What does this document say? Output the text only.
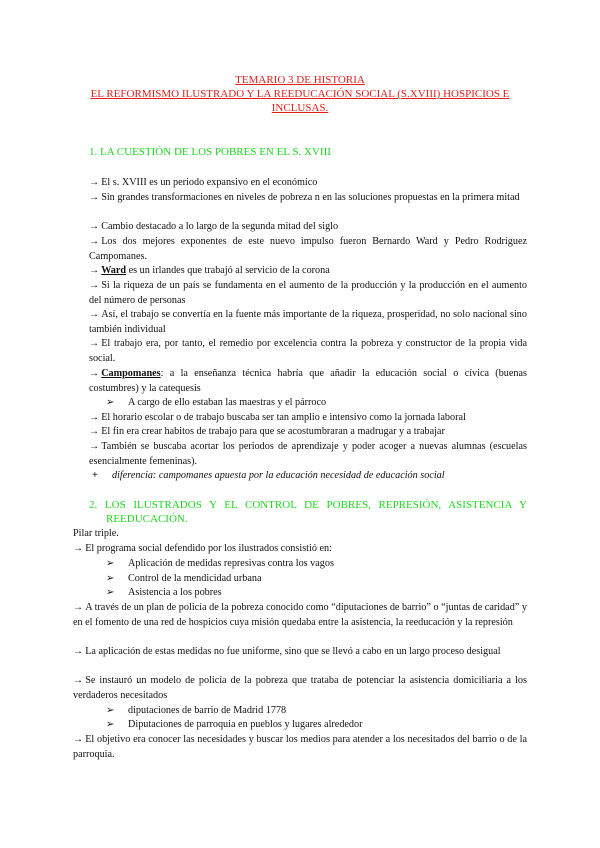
TEMARIO 3 DE HISTORIA
EL REFORMISMO ILUSTRADO Y LA REEDUCACIÓN SOCIAL (S.XVIII) HOSPICIOS E
INCLUSAS.
1. LA CUESTIÓN DE LOS POBRES EN EL S. XVIII
→ El s. XVIII es un periodo expansivo en el económico
→ Sin grandes transformaciones en niveles de pobreza n en las soluciones propuestas en la primera mitad
→ Cambio destacado a lo largo de la segunda mitad del siglo
→ Los dos mejores exponentes de este nuevo impulso fueron Bernardo Ward y Pedro Rodríguez Campomanes.
→ Ward es un irlandes que trabajó al servicio de la corona
→ Si la riqueza de un país se fundamenta en el aumento de la producción y la producción en el aumento del número de personas
→ Así, el trabajo se convertía en la fuente más importante de la riqueza, prosperidad, no solo nacional sino también individual
→ El trabajo era, por tanto, el remedio por excelencia contra la pobreza y constructor de la propia vida social.
→ Campomanes: a la enseñanza técnica habría que añadir la educación social o cívica (buenas costumbres) y la catequesis
➢ A cargo de ello estaban las maestras y el párroco
→ El horario escolar o de trabajo buscaba ser tan amplio e intensivo como la jornada laboral
→ El fin era crear habitos de trabajo para que se acostumbraran a madrugar y a trabajar
→ También se buscaba acortar los periodos de aprendizaje y poder acoger a nuevas alumnas (escuelas esencialmente femeninas).
+ diferencia: campomanes apuesta por la educación necesidad de educación social
2. LOS ILUSTRADOS Y EL CONTROL DE POBRES, REPRESIÓN, ASISTENCIA Y
REEDUCACIÓN.
Pilar triple.
→ El programa social defendido por los ilustrados consistió en:
➢ Aplicación de medidas represivas contra los vagos
➢ Control de la mendicidad urbana
➢ Asistencia a los pobres
→ A través de un plan de policía de la pobreza conocido como “diputaciones de barrio” o “juntas de caridad” y en el fomento de una red de hospicios cuya misión quedaba entre la asistencia, la reeducación y la represión
→ La aplicación de estas medidas no fue uniforme, sino que se llevó a cabo en un largo proceso desigual
→ Se instauró un modelo de policía de la pobreza que trataba de potenciar la asistencia domiciliaria a los verdaderos necesitados
➢ diputaciones de barrio de Madrid 1778
➢ Diputaciones de parroquia en pueblos y lugares alrededor
→ El objetivo era conocer las necesidades y buscar los medios para atender a los necesitados del barrio o de la parroquia.
